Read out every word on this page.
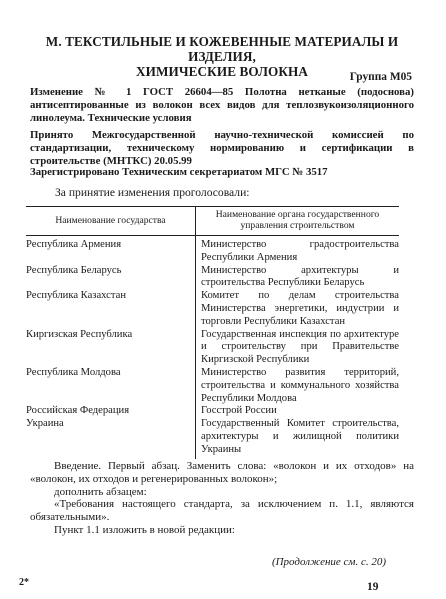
М. ТЕКСТИЛЬНЫЕ И КОЖЕВЕННЫЕ МАТЕРИАЛЫ И ИЗДЕЛИЯ,
ХИМИЧЕСКИЕ ВОЛОКНА	Группа М05
Изменение № 1 ГОСТ 26604—85 Полотна нетканые (подоснова) антисептированные из волокон всех видов для теплозвукоизоляционного линолеума. Технические условия
Принято Межгосударственной научно-технической комиссией по стандартизации, техническому нормированию и сертификации в строительстве (МНТКС) 20.05.99
Зарегистрировано Техническим секретариатом МГС № 3517
За принятие изменения проголосовали:
Наименование государства	Наименование органа государственного
управления строительством

Республика Армения	Министерство градостроительства Республики Армения
Республика Беларусь	Министерство архитектуры и строительства Республики Беларусь
Республика Казахстан	Комитет по делам строительства Министерства энергетики, индустрии и торговли Республики Казахстан
Киргизская Республика	Государственная инспекция по архитектуре и строительству при Правительстве Киргизской Республики
Республика Молдова	Министерство развития территорий, строительства и коммунального хозяйства Республики Молдова
Российская Федерация	Госстрой России
Украина	Государственный Комитет строительства, архитектуры и жилищной политики Украины

Введение. Первый абзац. Заменить слова: «волокон и их отходов» на «волокон, их отходов и регенерированных волокон»;

дополнить абзацем:

«Требования настоящего стандарта, за исключением п. 1.1, являются обязательными».

Пункт 1.1 изложить в новой редакции:

(Продолжение см. с. 20)
2*	19
